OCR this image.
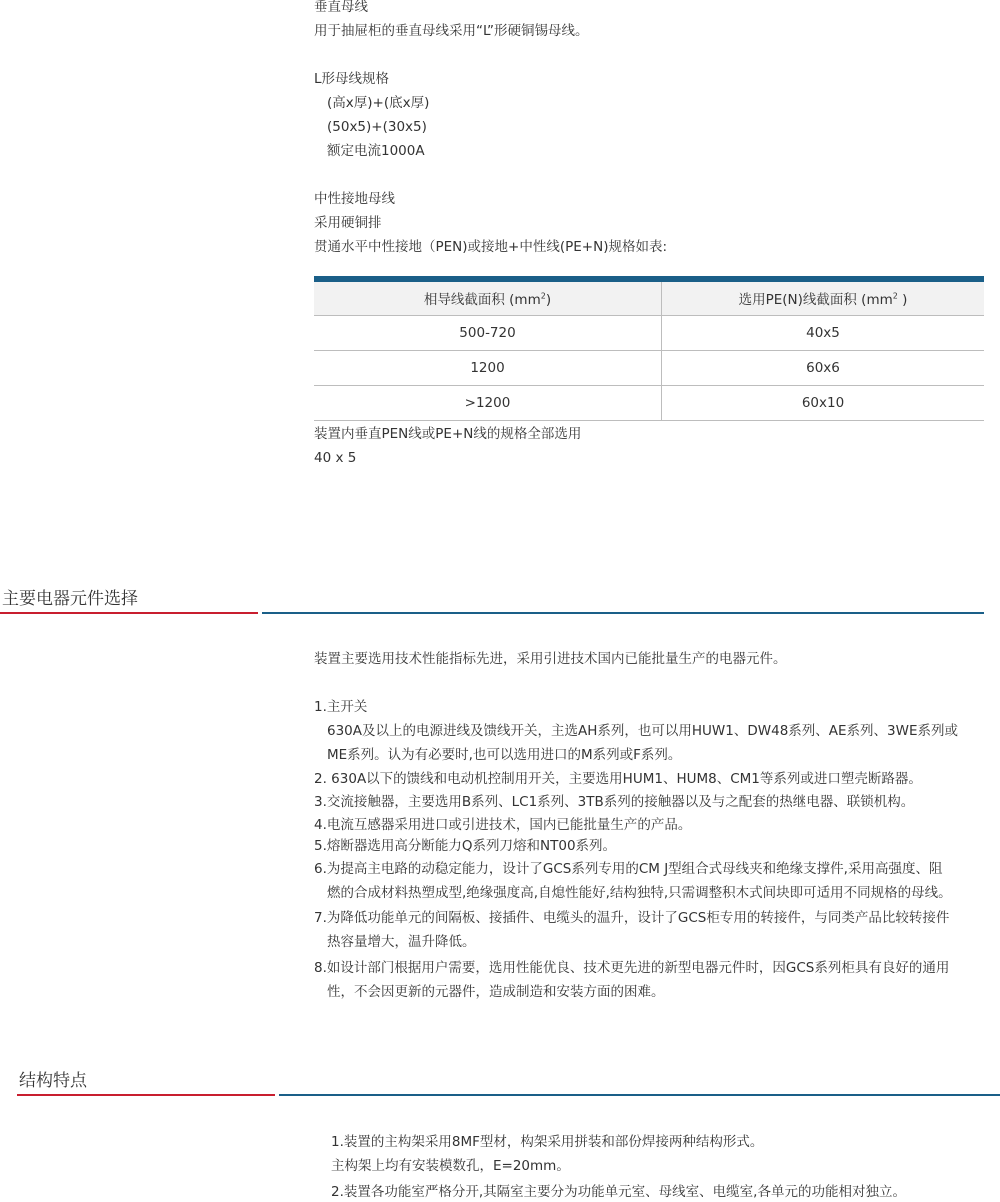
垂直母线
用于抽屉柜的垂直母线采用“L”形硬铜锡母线。
L形母线规格
(高x厚)+(底x厚)
(50x5)+(30x5)
额定电流1000A
中性接地母线
采用硬铜排
贯通水平中性接地（PEN)或接地+中性线(PE+N)规格如表:
相导线截面积 $(mm^2)$	选用PE(N)线截面积 ($mm^2$ )
500-720	40x5
1200	60x6
>1200	60x10
装置内垂直PEN线或PE+N线的规格全部选用
40 x 5
主要电器元件选择
装置主要选用技术性能指标先进，采用引进技术国内已能批量生产的电器元件。
1.主开关
630A及以上的电源进线及馈线开关，主选AH系列，也可以用HUW1、DW48系列、AE系列、3WE系列或
ME系列。认为有必要时,也可以选用进口的M系列或F系列。
2. 630A以下的馈线和电动机控制用开关，主要选用HUM1、HUM8、CM1等系列或进口塑壳断路器。
3.交流接触器，主要选用B系列、LC1系列、3TB系列的接触器以及与之配套的热继电器、联锁机构。
4.电流互感器采用进口或引进技术，国内已能批量生产的产品。
5.熔断器选用高分断能力Q系列刀熔和NT00系列。
6.为提高主电路的动稳定能力，设计了GCS系列专用的CM J型组合式母线夹和绝缘支撑件,采用高强度、阻
燃的合成材料热塑成型,绝缘强度高,自熄性能好,结构独特,只需调整积木式间块即可适用不同规格的母线。
7.为降低功能单元的间隔板、接插件、电缆头的温升，设计了GCS柜专用的转接件，与同类产品比较转接件
热容量增大，温升降低。
8.如设计部门根据用户需要，选用性能优良、技术更先进的新型电器元件时，因GCS系列柜具有良好的通用
性，不会因更新的元器件，造成制造和安装方面的困难。
结构特点
1.装置的主构架采用8MF型材，构架采用拼装和部份焊接两种结构形式。
主构架上均有安装模数孔，E=20mm。
2.装置各功能室严格分开,其隔室主要分为功能单元室、母线室、电缆室,各单元的功能相对独立。
